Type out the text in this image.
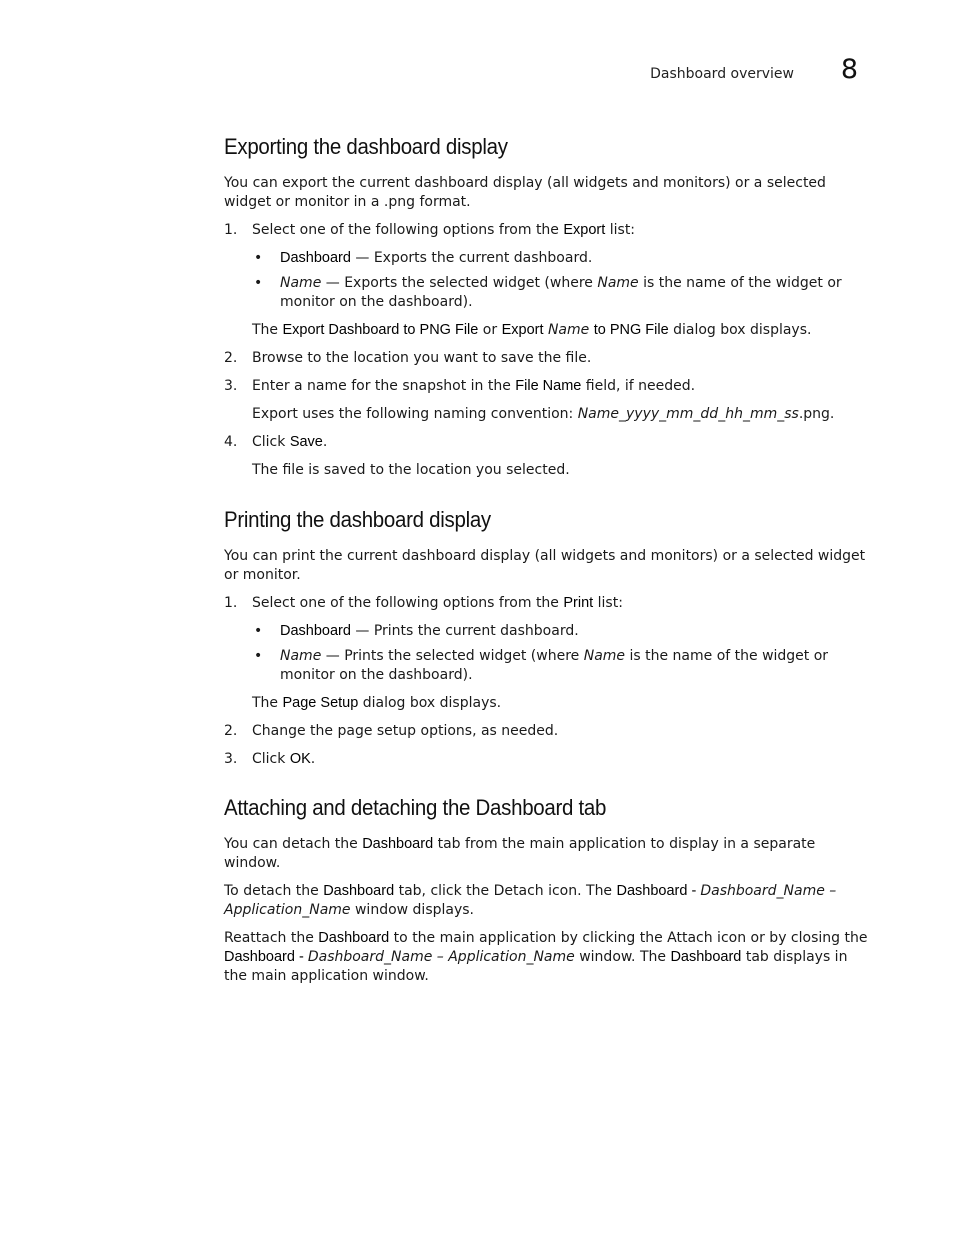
Dashboard overview 8
Exporting the dashboard display

You can export the current dashboard display (all widgets and monitors) or a selected widget or monitor in a .png format.

1. Select one of the following options from the Export list:
• Dashboard — Exports the current dashboard.
• Name — Exports the selected widget (where Name is the name of the widget or monitor on the dashboard).
The Export Dashboard to PNG File or Export Name to PNG File dialog box displays.
2. Browse to the location you want to save the file.
3. Enter a name for the snapshot in the File Name field, if needed.
Export uses the following naming convention: Name_yyyy_mm_dd_hh_mm_ss.png.
4. Click Save.
The file is saved to the location you selected.
Printing the dashboard display

You can print the current dashboard display (all widgets and monitors) or a selected widget or monitor.

1. Select one of the following options from the Print list:
• Dashboard — Prints the current dashboard.
• Name — Prints the selected widget (where Name is the name of the widget or monitor on the dashboard).
The Page Setup dialog box displays.
2. Change the page setup options, as needed.
3. Click OK.
Attaching and detaching the Dashboard tab

You can detach the Dashboard tab from the main application to display in a separate window.

To detach the Dashboard tab, click the Detach icon. The Dashboard - Dashboard_Name – Application_Name window displays.

Reattach the Dashboard to the main application by clicking the Attach icon or by closing the Dashboard - Dashboard_Name – Application_Name window. The Dashboard tab displays in the main application window.
